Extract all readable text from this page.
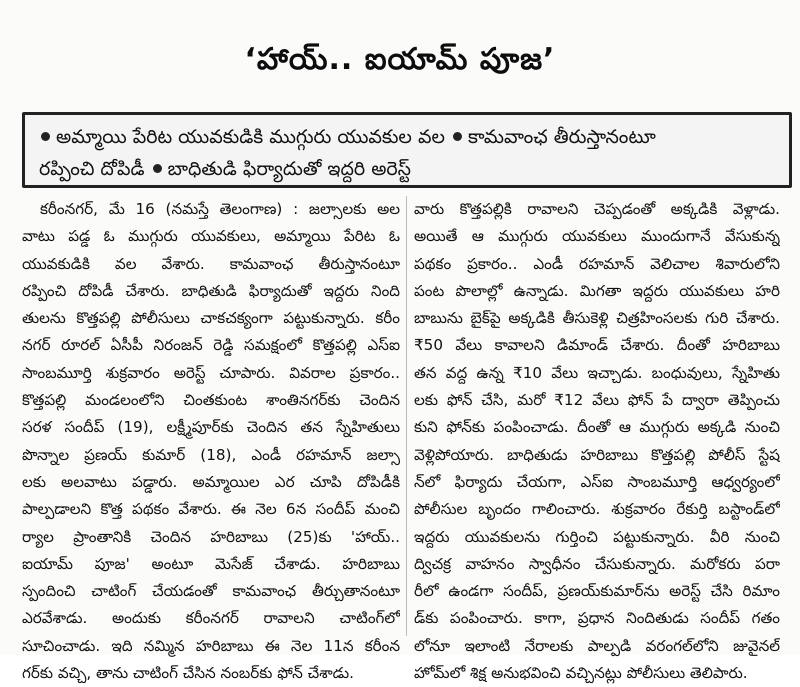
‘హాయ్.. ఐయామ్ పూజ’
అమ్మాయి పేరిట యువకుడికి ముగ్గురు యువకుల వల కామవాంఛ తీరుస్తానంటూ
రప్పించి దోపిడీ బాధితుడి ఫిర్యాదుతో ఇద్దరి అరెస్ట్
కరీంనగర్, మే 16 (నమస్తే తెలంగాణ) : జల్సాలకు అల
వాటు పడ్డ ఓ ముగ్గురు యువకులు, అమ్మాయి పేరిట ఓ
యువకుడికి వల వేశారు. కామవాంఛ తీరుస్తానంటూ
రప్పించి దోపిడీ చేశారు. బాధితుడి ఫిర్యాదుతో ఇద్దరు నింది
తులను కొత్తపల్లి పోలీసులు చాకచక్యంగా పట్టుకున్నారు. కరీం
నగర్ రూరల్ ఏసీపీ నిరంజన్ రెడ్డి సమక్షంలో కొత్తపల్లి ఎస్ఐ
సాంబమూర్తి శుక్రవారం అరెస్ట్ చూపారు. వివరాల ప్రకారం..
కొత్తపల్లి మండలంలోని చింతకుంట శాంతినగర్‌కు చెందిన
సరళ సందీప్ (19), లక్ష్మీపూర్‌కు చెందిన తన స్నేహితులు
పొన్నాల ప్రణయ్ కుమార్ (18), ఎండీ రహమాన్ జల్సా
లకు అలవాటు పడ్డారు. అమ్మాయిల ఎర చూపి దోపిడీకి
పాల్పడాలని కొత్త పథకం వేశారు. ఈ నెల 6న సందీప్ మంచి
ర్యాల ప్రాంతానికి చెందిన హరిబాబు (25)కు 'హాయ్..
ఐయామ్ పూజ' అంటూ మెసేజ్ చేశాడు. హరిబాబు
స్పందించి చాటింగ్ చేయడంతో కామవాంఛ తీర్చుతానంటూ
ఎరవేశాడు. అందుకు కరీంనగర్ రావాలని చాటింగ్‌లో
సూచించాడు. ఇది నమ్మిన హరిబాబు ఈ నెల 11న కరీంన
గర్‌కు వచ్చి, తాను చాటింగ్ చేసిన నంబర్‌కు ఫోన్ చేశాడు.
వారు కొత్తపల్లికి రావాలని చెప్పడంతో అక్కడికి వెళ్లాడు.
అయితే ఆ ముగ్గురు యువకులు ముందుగానే వేసుకున్న
పథకం ప్రకారం.. ఎండీ రహమాన్ వెలిచాల శివారులోని
పంట పొలాల్లో ఉన్నాడు. మిగతా ఇద్దరు యువకులు హరి
బాబును బైక్‌పై అక్కడికి తీసుకెళ్లి చిత్రహింసలకు గురి చేశారు.
₹50 వేలు కావాలని డిమాండ్ చేశారు. దీంతో హరిబాబు
తన వద్ద ఉన్న ₹10 వేలు ఇచ్చాడు. బంధువులు, స్నేహితు
లకు ఫోన్ చేసి, మరో ₹12 వేలు ఫోన్ పే ద్వారా తెప్పించు
కుని ఫోన్‌కు పంపించాడు. దీంతో ఆ ముగ్గురు అక్కడి నుంచి
వెళ్లిపోయారు. బాధితుడు హరిబాబు కొత్తపల్లి పోలీస్ స్టేష
న్‌లో ఫిర్యాదు చేయగా, ఎస్ఐ సాంబమూర్తి ఆధ్వర్యంలో
పోలీసుల బృందం గాలించారు. శుక్రవారం రేకుర్తి బస్టాండ్‌లో
ఇద్దరు యువకులను గుర్తించి పట్టుకున్నారు. వీరి నుంచి
ద్విచక్ర వాహనం స్వాధీనం చేసుకున్నారు. మరోకరు పరా
రీలో ఉండగా సందీప్, ప్రణయ్‌కుమార్‌ను అరెస్ట్ చేసి రిమాం
డ్‌కు పంపించారు. కాగా, ప్రధాన నిందితుడు సందీప్ గతం
లోనూ ఇలాంటి నేరాలకు పాల్పడి వరంగల్‌లోని జువైనల్
హోమ్‌లో శిక్ష అనుభవించి వచ్చినట్లు పోలీసులు తెలిపారు.
